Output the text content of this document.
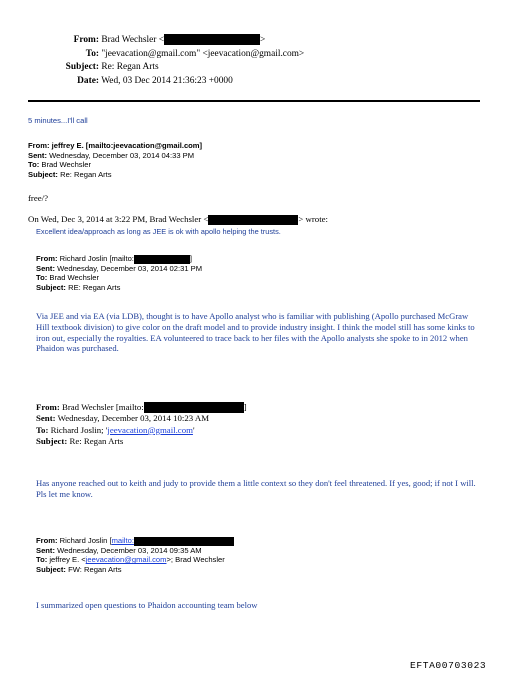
From: Brad Wechsler <	>
To: "jeevacation@gmail.com" <jeevacation@gmail.com>
Subject: Re: Regan Arts
Date: Wed, 03 Dec 2014 21:36:23 +0000
5 minutes...I'll call
From: jeffrey E. [mailto:jeevacation@gmail.com]
Sent: Wednesday, December 03, 2014 04:33 PM
To: Brad Wechsler
Subject: Re: Regan Arts
free/?
On Wed, Dec 3, 2014 at 3:22 PM, Brad Wechsler <	> wrote:
Excellent idea/approach as long as JEE is ok with apollo helping the trusts.
From: Richard Joslin [mailto:	]
Sent: Wednesday, December 03, 2014 02:31 PM
To: Brad Wechsler
Subject: RE: Regan Arts
Via JEE and via EA (via LDB), thought is to have Apollo analyst who is familiar with publishing (Apollo purchased McGraw Hill textbook division) to give color on the draft model and to provide industry insight. I think the model still has some kinks to iron out, especially the royalties. EA volunteered to trace back to her files with the Apollo analysts she spoke to in 2012 when Phaidon was purchased.
From: Brad Wechsler [mailto:	]
Sent: Wednesday, December 03, 2014 10:23 AM
To: Richard Joslin; 'jeevacation@gmail.com'
Subject: Re: Regan Arts
Has anyone reached out to keith and judy to provide them a little context so they don't feel threatened. If yes, good; if not I will. Pls let me know.
From: Richard Joslin [mailto:
Sent: Wednesday, December 03, 2014 09:35 AM
To: jeffrey E. <jeevacation@gmail.com>; Brad Wechsler
Subject: FW: Regan Arts
I summarized open questions to Phaidon accounting team below
EFTA00703023
